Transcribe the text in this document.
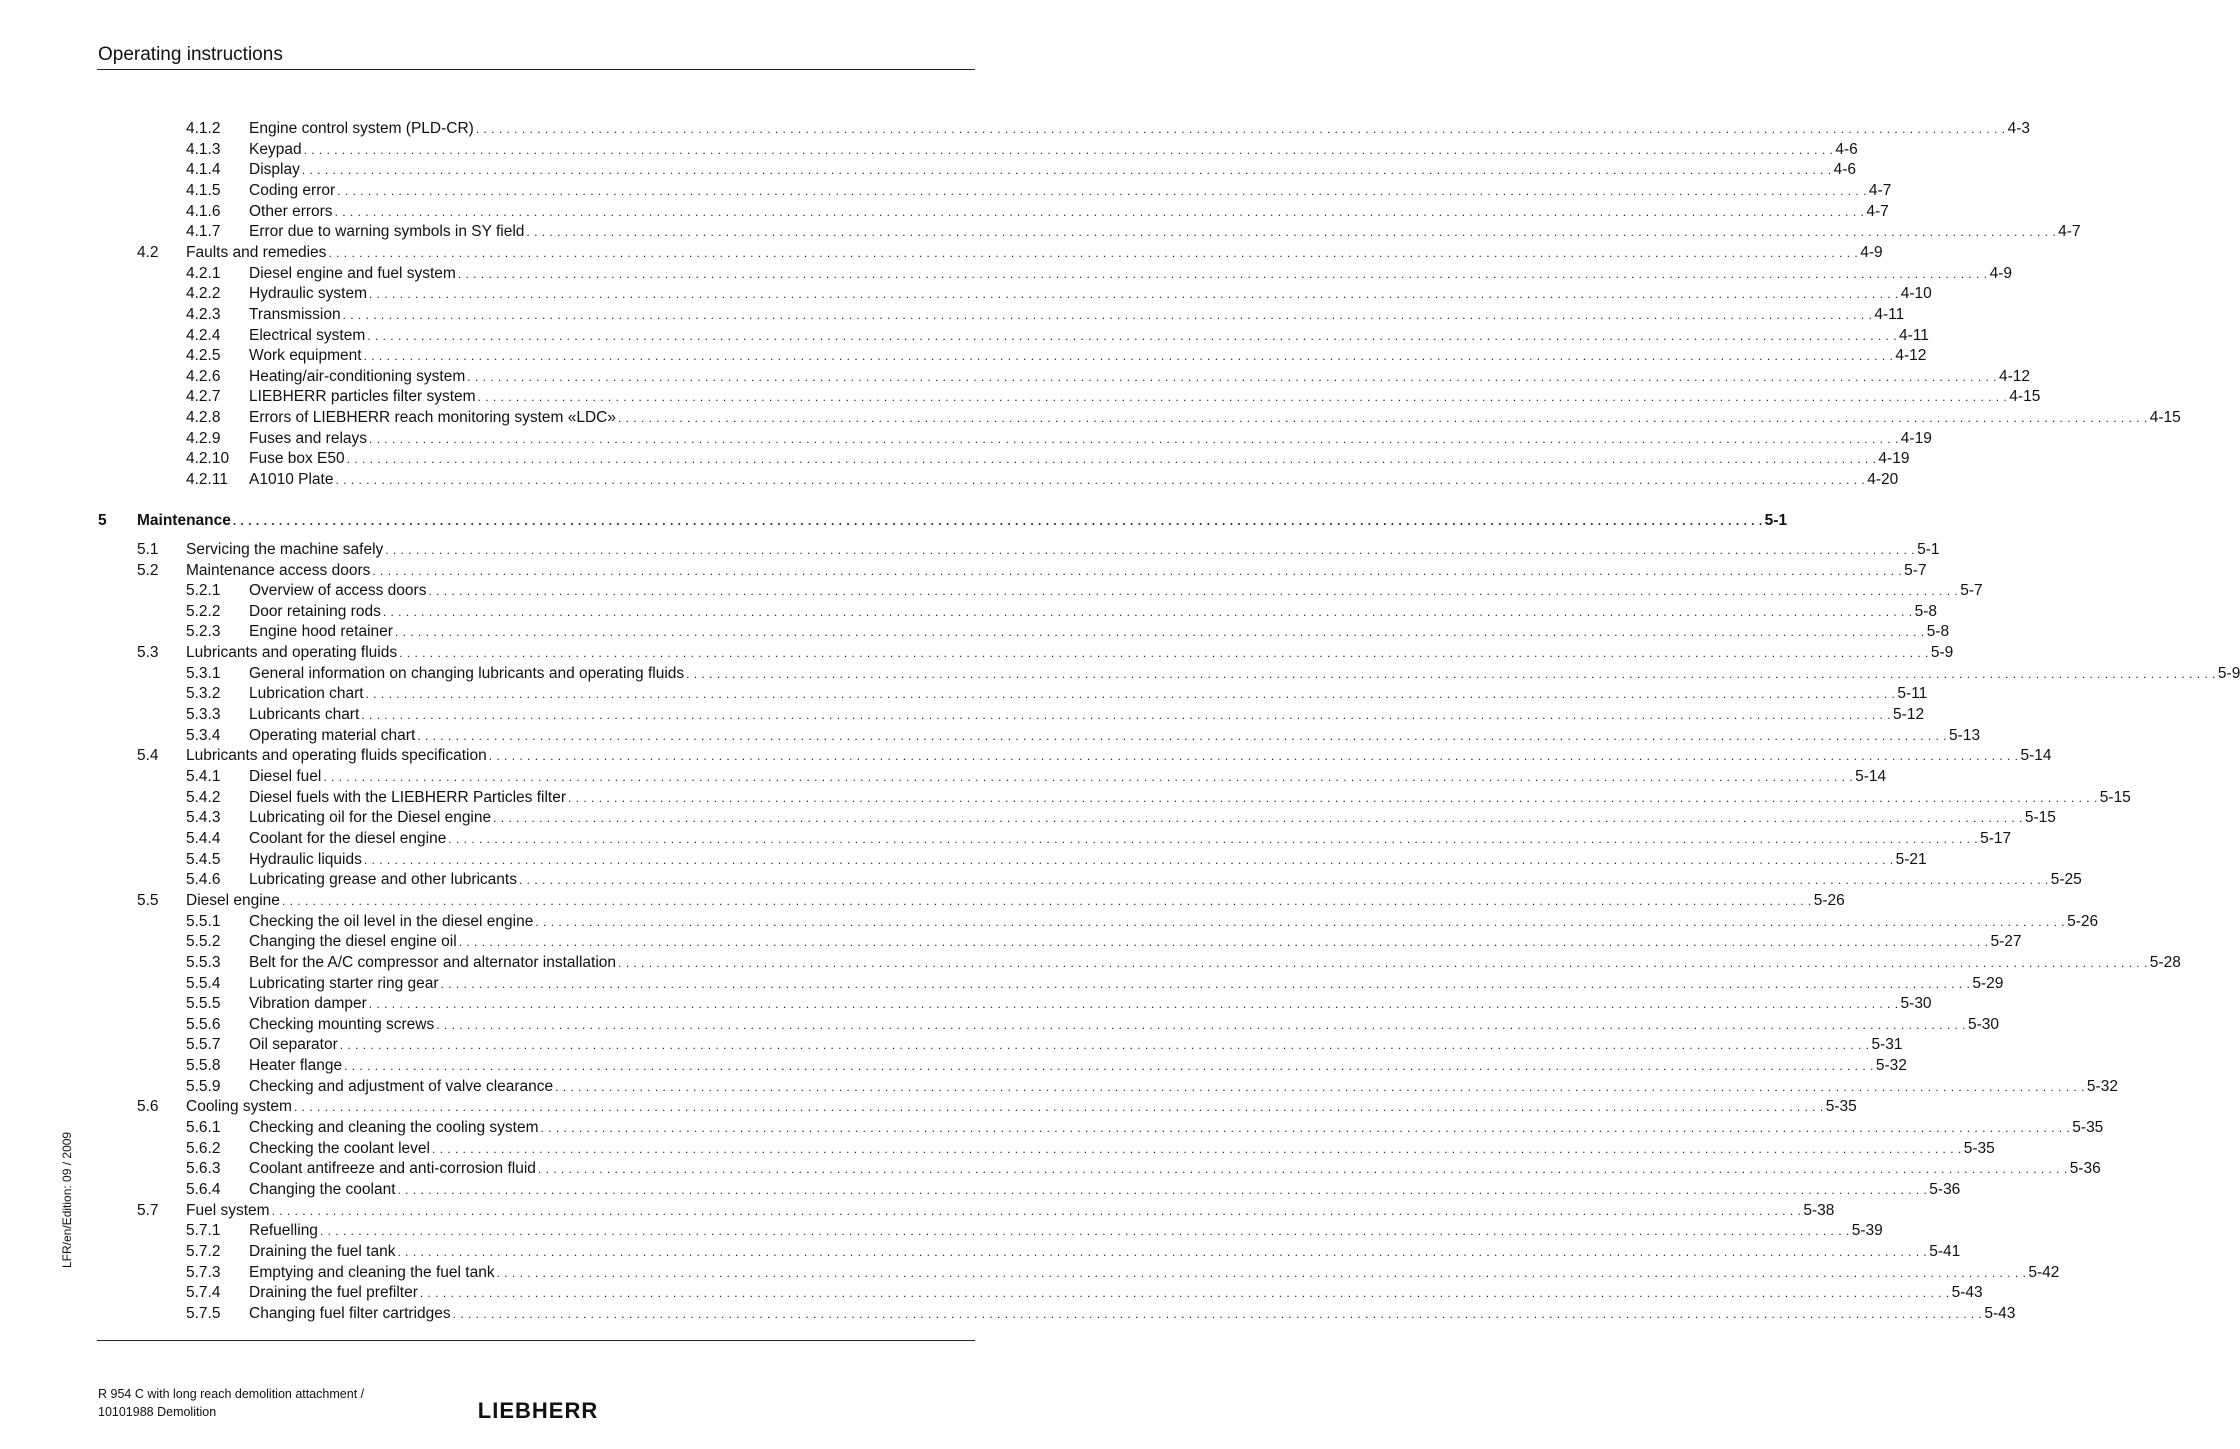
Operating instructions
4.1.2 Engine control system (PLD-CR) . . . . . . . . . . . . . . . . . . . . . . . . . . . . . . . . . . . . . . . . . . . . . . . . . . . . . . . . . . . . . . . . . . . . . . . . . . . . . . . . . . . . . . . . . . . . . . . . . . . . . . . . . . . . . . . . . . . . . . . . . . . . . . . . . . . . . . . . . . . . . . . . . . . . . . . . . . . . . . . . . . . . . . . . . . . . . . . . . . . . . . . . . . . . . . . . . . . . . . . . 4-3
4.1.3 Keypad . . . . . . . . . . . . . . . . . . . . . . . . . . . . . . . . . . . . . . . . . . . . . . . . . . . . . . . . . . . . . . . . . . . . . . . . . . . . . . . . . . . . . . . . . . . . . . . . . . . . . . . . . . . . . . . . . . . . . . . . . . . . . . . . . . . . . . . . . . . . . . . . . . . . . . . . . . . . . . . . . . . . . . . . . . . . . . . . . . . . . . . . . . . . . . . . . . . . . . . . 4-6
4.1.4 Display . . . . . . . . . . . . . . . . . . . . . . . . . . . . . . . . . . . . . . . . . . . . . . . . . . . . . . . . . . . . . . . . . . . . . . . . . . . . . . . . . . . . . . . . . . . . . . . . . . . . . . . . . . . . . . . . . . . . . . . . . . . . . . . . . . . . . . . . . . . . . . . . . . . . . . . . . . . . . . . . . . . . . . . . . . . . . . . . . . . . . . . . . . . . . . . . . . . . . . . . 4-6
4.1.5 Coding error . . . . . . . . . . . . . . . . . . . . . . . . . . . . . . . . . . . . . . . . . . . . . . . . . . . . . . . . . . . . . . . . . . . . . . . . . . . . . . . . . . . . . . . . . . . . . . . . . . . . . . . . . . . . . . . . . . . . . . . . . . . . . . . . . . . . . . . . . . . . . . . . . . . . . . . . . . . . . . . . . . . . . . . . . . . . . . . . . . . . . . . . . . . . . . . . . . . . . . . . 4-7
4.1.6 Other errors . . . . . . . . . . . . . . . . . . . . . . . . . . . . . . . . . . . . . . . . . . . . . . . . . . . . . . . . . . . . . . . . . . . . . . . . . . . . . . . . . . . . . . . . . . . . . . . . . . . . . . . . . . . . . . . . . . . . . . . . . . . . . . . . . . . . . . . . . . . . . . . . . . . . . . . . . . . . . . . . . . . . . . . . . . . . . . . . . . . . . . . . . . . . . . . . . . . . . . . . 4-7
4.1.7 Error due to warning symbols in SY field . . . . . . . . . . . . . . . . . . . . . . . . . . . . . . . . . . . . . . . . . . . . . . . . . . . . . . . . . . . . . . . . . . . . . . . . . . . . . . . . . . . . . . . . . . . . . . . . . . . . . . . . . . . . . . . . . . . . . . . . . . . . . . . . . . . . . . . . . . . . . . . . . . . . . . . . . . . . . . . . . . . . . . . . . . . . . . . . . . . . . . . . . . . . . . . . . . . . . . . . 4-7
4.2 Faults and remedies . . . . . . . . . . . . . . . . . . . . . . . . . . . . . . . . . . . . . . . . . . . . . . . . . . . . . . . . . . . . . . . . . . . . . . . . . . . . . . . . . . . . . . . . . . . . . . . . . . . . . . . . . . . . . . . . . . . . . . . . . . . . . . . . . . . . . . . . . . . . . . . . . . . . . . . . . . . . . . . . . . . . . . . . . . . . . . . . . . . . . . . . . . . . . . . . . . . . . . . . 4-9
4.2.1 Diesel engine and fuel system . . . . . . . . . . . . . . . . . . . . . . . . . . . . . . . . . . . . . . . . . . . . . . . . . . . . . . . . . . . . . . . . . . . . . . . . . . . . . . . . . . . . . . . . . . . . . . . . . . . . . . . . . . . . . . . . . . . . . . . . . . . . . . . . . . . . . . . . . . . . . . . . . . . . . . . . . . . . . . . . . . . . . . . . . . . . . . . . . . . . . . . . . . . . . . . . . . . . . . . . 4-9
4.2.2 Hydraulic system . . . . . . . . . . . . . . . . . . . . . . . . . . . . . . . . . . . . . . . . . . . . . . . . . . . . . . . . . . . . . . . . . . . . . . . . . . . . . . . . . . . . . . . . . . . . . . . . . . . . . . . . . . . . . . . . . . . . . . . . . . . . . . . . . . . . . . . . . . . . . . . . . . . . . . . . . . . . . . . . . . . . . . . . . . . . . . . . . . . . . . . . . . . . . . . . . . . . . . . . 4-10
4.2.3 Transmission . . . . . . . . . . . . . . . . . . . . . . . . . . . . . . . . . . . . . . . . . . . . . . . . . . . . . . . . . . . . . . . . . . . . . . . . . . . . . . . . . . . . . . . . . . . . . . . . . . . . . . . . . . . . . . . . . . . . . . . . . . . . . . . . . . . . . . . . . . . . . . . . . . . . . . . . . . . . . . . . . . . . . . . . . . . . . . . . . . . . . . . . . . . . . . . . . . . . . . . . 4-11
4.2.4 Electrical system . . . . . . . . . . . . . . . . . . . . . . . . . . . . . . . . . . . . . . . . . . . . . . . . . . . . . . . . . . . . . . . . . . . . . . . . . . . . . . . . . . . . . . . . . . . . . . . . . . . . . . . . . . . . . . . . . . . . . . . . . . . . . . . . . . . . . . . . . . . . . . . . . . . . . . . . . . . . . . . . . . . . . . . . . . . . . . . . . . . . . . . . . . . . . . . . . . . . . . . . 4-11
4.2.5 Work equipment . . . . . . . . . . . . . . . . . . . . . . . . . . . . . . . . . . . . . . . . . . . . . . . . . . . . . . . . . . . . . . . . . . . . . . . . . . . . . . . . . . . . . . . . . . . . . . . . . . . . . . . . . . . . . . . . . . . . . . . . . . . . . . . . . . . . . . . . . . . . . . . . . . . . . . . . . . . . . . . . . . . . . . . . . . . . . . . . . . . . . . . . . . . . . . . . . . . . . . . . 4-12
4.2.6 Heating/air-conditioning system . . . . . . . . . . . . . . . . . . . . . . . . . . . . . . . . . . . . . . . . . . . . . . . . . . . . . . . . . . . . . . . . . . . . . . . . . . . . . . . . . . . . . . . . . . . . . . . . . . . . . . . . . . . . . . . . . . . . . . . . . . . . . . . . . . . . . . . . . . . . . . . . . . . . . . . . . . . . . . . . . . . . . . . . . . . . . . . . . . . . . . . . . . . . . . . . . . . . . . . . 4-12
4.2.7 LIEBHERR particles filter system . . . . . . . . . . . . . . . . . . . . . . . . . . . . . . . . . . . . . . . . . . . . . . . . . . . . . . . . . . . . . . . . . . . . . . . . . . . . . . . . . . . . . . . . . . . . . . . . . . . . . . . . . . . . . . . . . . . . . . . . . . . . . . . . . . . . . . . . . . . . . . . . . . . . . . . . . . . . . . . . . . . . . . . . . . . . . . . . . . . . . . . . . . . . . . . . . . . . . . . . 4-15
4.2.8 Errors of LIEBHERR reach monitoring system «LDC» . . . . . . . . . . . . . . . . . . . . . . . . . . . . . . . . . . . . . . . . . . . . . . . . . . . . . . . . . . . . . . . . . . . . . . . . . . . . . . . . . . . . . . . . . . . . . . . . . . . . . . . . . . . . . . . . . . . . . . . . . . . . . . . . . . . . . . . . . . . . . . . . . . . . . . . . . . . . . . . . . . . . . . . . . . . . . . . . . . . . . . . . . . . . . . . . . . . . . . . . 4-15
4.2.9 Fuses and relays . . . . . . . . . . . . . . . . . . . . . . . . . . . . . . . . . . . . . . . . . . . . . . . . . . . . . . . . . . . . . . . . . . . . . . . . . . . . . . . . . . . . . . . . . . . . . . . . . . . . . . . . . . . . . . . . . . . . . . . . . . . . . . . . . . . . . . . . . . . . . . . . . . . . . . . . . . . . . . . . . . . . . . . . . . . . . . . . . . . . . . . . . . . . . . . . . . . . . . . . 4-19
4.2.10 Fuse box E50 . . . . . . . . . . . . . . . . . . . . . . . . . . . . . . . . . . . . . . . . . . . . . . . . . . . . . . . . . . . . . . . . . . . . . . . . . . . . . . . . . . . . . . . . . . . . . . . . . . . . . . . . . . . . . . . . . . . . . . . . . . . . . . . . . . . . . . . . . . . . . . . . . . . . . . . . . . . . . . . . . . . . . . . . . . . . . . . . . . . . . . . . . . . . . . . . . . . . . . . . 4-19
4.2.11 A1010 Plate . . . . . . . . . . . . . . . . . . . . . . . . . . . . . . . . . . . . . . . . . . . . . . . . . . . . . . . . . . . . . . . . . . . . . . . . . . . . . . . . . . . . . . . . . . . . . . . . . . . . . . . . . . . . . . . . . . . . . . . . . . . . . . . . . . . . . . . . . . . . . . . . . . . . . . . . . . . . . . . . . . . . . . . . . . . . . . . . . . . . . . . . . . . . . . . . . . . . . . . . 4-20
5 Maintenance . . . . . . . . . . . . . . . . . . . . . . . . . . . . . . . . . . . . . . . . . . . . . . . . . . . . . . . . . . . . . . . . . . . . . . . . . . . . . . . . . . . . . . . . . . . . . . . . . . . . . . . . . . . . . . . . . . . . . . . . . . . . . . . . . . . . . . . . . . . . . . . . . . . . . . . . . . . . . . . . . . . . . . . . . . . . . . . . . . . . . . . . . . . . . . . . . . . . . . . . 5-1
5.1 Servicing the machine safely . . . . . . . . . . . . . . . . . . . . . . . . . . . . . . . . . . . . . . . . . . . . . . . . . . . . . . . . . . . . . . . . . . . . . . . . . . . . . . . . . . . . . . . . . . . . . . . . . . . . . . . . . . . . . . . . . . . . . . . . . . . . . . . . . . . . . . . . . . . . . . . . . . . . . . . . . . . . . . . . . . . . . . . . . . . . . . . . . . . . . . . . . . . . . . . . . . . . . . . . 5-1
5.2 Maintenance access doors . . . . . . . . . . . . . . . . . . . . . . . . . . . . . . . . . . . . . . . . . . . . . . . . . . . . . . . . . . . . . . . . . . . . . . . . . . . . . . . . . . . . . . . . . . . . . . . . . . . . . . . . . . . . . . . . . . . . . . . . . . . . . . . . . . . . . . . . . . . . . . . . . . . . . . . . . . . . . . . . . . . . . . . . . . . . . . . . . . . . . . . . . . . . . . . . . . . . . . . . 5-7
5.2.1 Overview of access doors . . . . . . . . . . . . . . . . . . . . . . . . . . . . . . . . . . . . . . . . . . . . . . . . . . . . . . . . . . . . . . . . . . . . . . . . . . . . . . . . . . . . . . . . . . . . . . . . . . . . . . . . . . . . . . . . . . . . . . . . . . . . . . . . . . . . . . . . . . . . . . . . . . . . . . . . . . . . . . . . . . . . . . . . . . . . . . . . . . . . . . . . . . . . . . . . . . . . . . . . 5-7
5.2.2 Door retaining rods . . . . . . . . . . . . . . . . . . . . . . . . . . . . . . . . . . . . . . . . . . . . . . . . . . . . . . . . . . . . . . . . . . . . . . . . . . . . . . . . . . . . . . . . . . . . . . . . . . . . . . . . . . . . . . . . . . . . . . . . . . . . . . . . . . . . . . . . . . . . . . . . . . . . . . . . . . . . . . . . . . . . . . . . . . . . . . . . . . . . . . . . . . . . . . . . . . . . . . . . 5-8
5.2.3 Engine hood retainer . . . . . . . . . . . . . . . . . . . . . . . . . . . . . . . . . . . . . . . . . . . . . . . . . . . . . . . . . . . . . . . . . . . . . . . . . . . . . . . . . . . . . . . . . . . . . . . . . . . . . . . . . . . . . . . . . . . . . . . . . . . . . . . . . . . . . . . . . . . . . . . . . . . . . . . . . . . . . . . . . . . . . . . . . . . . . . . . . . . . . . . . . . . . . . . . . . . . . . . . 5-8
5.3 Lubricants and operating fluids . . . . . . . . . . . . . . . . . . . . . . . . . . . . . . . . . . . . . . . . . . . . . . . . . . . . . . . . . . . . . . . . . . . . . . . . . . . . . . . . . . . . . . . . . . . . . . . . . . . . . . . . . . . . . . . . . . . . . . . . . . . . . . . . . . . . . . . . . . . . . . . . . . . . . . . . . . . . . . . . . . . . . . . . . . . . . . . . . . . . . . . . . . . . . . . . . . . . . . . . 5-9
5.3.1 General information on changing lubricants and operating fluids . . . . . . . . . . . . . . . . . . . . . . . . . . . . . . . . . . . . . . . . . . . . . . . . . . . . . . . . . . . . . . . . . . . . . . . . . . . . . . . . . . . . . . . . . . . . . . . . . . . . . . . . . . . . . . . . . . . . . . . . . . . . . . . . . . . . . . . . . . . . . . . . . . . . . . . . . . . . . . . . . . . . . . . . . . . . . . . . . . . . . . . . . . . . . . . . . . . . . . . . 5-9
5.3.2 Lubrication chart . . . . . . . . . . . . . . . . . . . . . . . . . . . . . . . . . . . . . . . . . . . . . . . . . . . . . . . . . . . . . . . . . . . . . . . . . . . . . . . . . . . . . . . . . . . . . . . . . . . . . . . . . . . . . . . . . . . . . . . . . . . . . . . . . . . . . . . . . . . . . . . . . . . . . . . . . . . . . . . . . . . . . . . . . . . . . . . . . . . . . . . . . . . . . . . . . . . . . . . . 5-11
5.3.3 Lubricants chart . . . . . . . . . . . . . . . . . . . . . . . . . . . . . . . . . . . . . . . . . . . . . . . . . . . . . . . . . . . . . . . . . . . . . . . . . . . . . . . . . . . . . . . . . . . . . . . . . . . . . . . . . . . . . . . . . . . . . . . . . . . . . . . . . . . . . . . . . . . . . . . . . . . . . . . . . . . . . . . . . . . . . . . . . . . . . . . . . . . . . . . . . . . . . . . . . . . . . . . . 5-12
5.3.4 Operating material chart . . . . . . . . . . . . . . . . . . . . . . . . . . . . . . . . . . . . . . . . . . . . . . . . . . . . . . . . . . . . . . . . . . . . . . . . . . . . . . . . . . . . . . . . . . . . . . . . . . . . . . . . . . . . . . . . . . . . . . . . . . . . . . . . . . . . . . . . . . . . . . . . . . . . . . . . . . . . . . . . . . . . . . . . . . . . . . . . . . . . . . . . . . . . . . . . . . . . . . . . 5-13
5.4 Lubricants and operating fluids specification . . . . . . . . . . . . . . . . . . . . . . . . . . . . . . . . . . . . . . . . . . . . . . . . . . . . . . . . . . . . . . . . . . . . . . . . . . . . . . . . . . . . . . . . . . . . . . . . . . . . . . . . . . . . . . . . . . . . . . . . . . . . . . . . . . . . . . . . . . . . . . . . . . . . . . . . . . . . . . . . . . . . . . . . . . . . . . . . . . . . . . . . . . . . . . . . . . . . . . . . 5-14
5.4.1 Diesel fuel . . . . . . . . . . . . . . . . . . . . . . . . . . . . . . . . . . . . . . . . . . . . . . . . . . . . . . . . . . . . . . . . . . . . . . . . . . . . . . . . . . . . . . . . . . . . . . . . . . . . . . . . . . . . . . . . . . . . . . . . . . . . . . . . . . . . . . . . . . . . . . . . . . . . . . . . . . . . . . . . . . . . . . . . . . . . . . . . . . . . . . . . . . . . . . . . . . . . . . . . 5-14
5.4.2 Diesel fuels with the LIEBHERR Particles filter . . . . . . . . . . . . . . . . . . . . . . . . . . . . . . . . . . . . . . . . . . . . . . . . . . . . . . . . . . . . . . . . . . . . . . . . . . . . . . . . . . . . . . . . . . . . . . . . . . . . . . . . . . . . . . . . . . . . . . . . . . . . . . . . . . . . . . . . . . . . . . . . . . . . . . . . . . . . . . . . . . . . . . . . . . . . . . . . . . . . . . . . . . . . . . . . . . . . . . . . 5-15
5.4.3 Lubricating oil for the Diesel engine . . . . . . . . . . . . . . . . . . . . . . . . . . . . . . . . . . . . . . . . . . . . . . . . . . . . . . . . . . . . . . . . . . . . . . . . . . . . . . . . . . . . . . . . . . . . . . . . . . . . . . . . . . . . . . . . . . . . . . . . . . . . . . . . . . . . . . . . . . . . . . . . . . . . . . . . . . . . . . . . . . . . . . . . . . . . . . . . . . . . . . . . . . . . . . . . . . . . . . . . 5-15
5.4.4 Coolant for the diesel engine . . . . . . . . . . . . . . . . . . . . . . . . . . . . . . . . . . . . . . . . . . . . . . . . . . . . . . . . . . . . . . . . . . . . . . . . . . . . . . . . . . . . . . . . . . . . . . . . . . . . . . . . . . . . . . . . . . . . . . . . . . . . . . . . . . . . . . . . . . . . . . . . . . . . . . . . . . . . . . . . . . . . . . . . . . . . . . . . . . . . . . . . . . . . . . . . . . . . . . . . 5-17
5.4.5 Hydraulic liquids . . . . . . . . . . . . . . . . . . . . . . . . . . . . . . . . . . . . . . . . . . . . . . . . . . . . . . . . . . . . . . . . . . . . . . . . . . . . . . . . . . . . . . . . . . . . . . . . . . . . . . . . . . . . . . . . . . . . . . . . . . . . . . . . . . . . . . . . . . . . . . . . . . . . . . . . . . . . . . . . . . . . . . . . . . . . . . . . . . . . . . . . . . . . . . . . . . . . . . . . 5-21
5.4.6 Lubricating grease and other lubricants . . . . . . . . . . . . . . . . . . . . . . . . . . . . . . . . . . . . . . . . . . . . . . . . . . . . . . . . . . . . . . . . . . . . . . . . . . . . . . . . . . . . . . . . . . . . . . . . . . . . . . . . . . . . . . . . . . . . . . . . . . . . . . . . . . . . . . . . . . . . . . . . . . . . . . . . . . . . . . . . . . . . . . . . . . . . . . . . . . . . . . . . . . . . . . . . . . . . . . . . 5-25
5.5 Diesel engine . . . . . . . . . . . . . . . . . . . . . . . . . . . . . . . . . . . . . . . . . . . . . . . . . . . . . . . . . . . . . . . . . . . . . . . . . . . . . . . . . . . . . . . . . . . . . . . . . . . . . . . . . . . . . . . . . . . . . . . . . . . . . . . . . . . . . . . . . . . . . . . . . . . . . . . . . . . . . . . . . . . . . . . . . . . . . . . . . . . . . . . . . . . . . . . . . . . . . . . . 5-26
5.5.1 Checking the oil level in the diesel engine . . . . . . . . . . . . . . . . . . . . . . . . . . . . . . . . . . . . . . . . . . . . . . . . . . . . . . . . . . . . . . . . . . . . . . . . . . . . . . . . . . . . . . . . . . . . . . . . . . . . . . . . . . . . . . . . . . . . . . . . . . . . . . . . . . . . . . . . . . . . . . . . . . . . . . . . . . . . . . . . . . . . . . . . . . . . . . . . . . . . . . . . . . . . . . . . . . . . . . . . 5-26
5.5.2 Changing the diesel engine oil . . . . . . . . . . . . . . . . . . . . . . . . . . . . . . . . . . . . . . . . . . . . . . . . . . . . . . . . . . . . . . . . . . . . . . . . . . . . . . . . . . . . . . . . . . . . . . . . . . . . . . . . . . . . . . . . . . . . . . . . . . . . . . . . . . . . . . . . . . . . . . . . . . . . . . . . . . . . . . . . . . . . . . . . . . . . . . . . . . . . . . . . . . . . . . . . . . . . . . . . 5-27
5.5.3 Belt for the A/C compressor and alternator installation . . . . . . . . . . . . . . . . . . . . . . . . . . . . . . . . . . . . . . . . . . . . . . . . . . . . . . . . . . . . . . . . . . . . . . . . . . . . . . . . . . . . . . . . . . . . . . . . . . . . . . . . . . . . . . . . . . . . . . . . . . . . . . . . . . . . . . . . . . . . . . . . . . . . . . . . . . . . . . . . . . . . . . . . . . . . . . . . . . . . . . . . . . . . . . . . . . . . . . . . 5-28
5.5.4 Lubricating starter ring gear . . . . . . . . . . . . . . . . . . . . . . . . . . . . . . . . . . . . . . . . . . . . . . . . . . . . . . . . . . . . . . . . . . . . . . . . . . . . . . . . . . . . . . . . . . . . . . . . . . . . . . . . . . . . . . . . . . . . . . . . . . . . . . . . . . . . . . . . . . . . . . . . . . . . . . . . . . . . . . . . . . . . . . . . . . . . . . . . . . . . . . . . . . . . . . . . . . . . . . . . 5-29
5.5.5 Vibration damper . . . . . . . . . . . . . . . . . . . . . . . . . . . . . . . . . . . . . . . . . . . . . . . . . . . . . . . . . . . . . . . . . . . . . . . . . . . . . . . . . . . . . . . . . . . . . . . . . . . . . . . . . . . . . . . . . . . . . . . . . . . . . . . . . . . . . . . . . . . . . . . . . . . . . . . . . . . . . . . . . . . . . . . . . . . . . . . . . . . . . . . . . . . . . . . . . . . . . . . . 5-30
5.5.6 Checking mounting screws . . . . . . . . . . . . . . . . . . . . . . . . . . . . . . . . . . . . . . . . . . . . . . . . . . . . . . . . . . . . . . . . . . . . . . . . . . . . . . . . . . . . . . . . . . . . . . . . . . . . . . . . . . . . . . . . . . . . . . . . . . . . . . . . . . . . . . . . . . . . . . . . . . . . . . . . . . . . . . . . . . . . . . . . . . . . . . . . . . . . . . . . . . . . . . . . . . . . . . . . 5-30
5.5.7 Oil separator . . . . . . . . . . . . . . . . . . . . . . . . . . . . . . . . . . . . . . . . . . . . . . . . . . . . . . . . . . . . . . . . . . . . . . . . . . . . . . . . . . . . . . . . . . . . . . . . . . . . . . . . . . . . . . . . . . . . . . . . . . . . . . . . . . . . . . . . . . . . . . . . . . . . . . . . . . . . . . . . . . . . . . . . . . . . . . . . . . . . . . . . . . . . . . . . . . . . . . . . 5-31
5.5.8 Heater flange . . . . . . . . . . . . . . . . . . . . . . . . . . . . . . . . . . . . . . . . . . . . . . . . . . . . . . . . . . . . . . . . . . . . . . . . . . . . . . . . . . . . . . . . . . . . . . . . . . . . . . . . . . . . . . . . . . . . . . . . . . . . . . . . . . . . . . . . . . . . . . . . . . . . . . . . . . . . . . . . . . . . . . . . . . . . . . . . . . . . . . . . . . . . . . . . . . . . . . . . 5-32
5.5.9 Checking and adjustment of valve clearance . . . . . . . . . . . . . . . . . . . . . . . . . . . . . . . . . . . . . . . . . . . . . . . . . . . . . . . . . . . . . . . . . . . . . . . . . . . . . . . . . . . . . . . . . . . . . . . . . . . . . . . . . . . . . . . . . . . . . . . . . . . . . . . . . . . . . . . . . . . . . . . . . . . . . . . . . . . . . . . . . . . . . . . . . . . . . . . . . . . . . . . . . . . . . . . . . . . . . . . . 5-32
5.6 Cooling system . . . . . . . . . . . . . . . . . . . . . . . . . . . . . . . . . . . . . . . . . . . . . . . . . . . . . . . . . . . . . . . . . . . . . . . . . . . . . . . . . . . . . . . . . . . . . . . . . . . . . . . . . . . . . . . . . . . . . . . . . . . . . . . . . . . . . . . . . . . . . . . . . . . . . . . . . . . . . . . . . . . . . . . . . . . . . . . . . . . . . . . . . . . . . . . . . . . . . . . . 5-35
5.6.1 Checking and cleaning the cooling system . . . . . . . . . . . . . . . . . . . . . . . . . . . . . . . . . . . . . . . . . . . . . . . . . . . . . . . . . . . . . . . . . . . . . . . . . . . . . . . . . . . . . . . . . . . . . . . . . . . . . . . . . . . . . . . . . . . . . . . . . . . . . . . . . . . . . . . . . . . . . . . . . . . . . . . . . . . . . . . . . . . . . . . . . . . . . . . . . . . . . . . . . . . . . . . . . . . . . . . . 5-35
5.6.2 Checking the coolant level . . . . . . . . . . . . . . . . . . . . . . . . . . . . . . . . . . . . . . . . . . . . . . . . . . . . . . . . . . . . . . . . . . . . . . . . . . . . . . . . . . . . . . . . . . . . . . . . . . . . . . . . . . . . . . . . . . . . . . . . . . . . . . . . . . . . . . . . . . . . . . . . . . . . . . . . . . . . . . . . . . . . . . . . . . . . . . . . . . . . . . . . . . . . . . . . . . . . . . . . 5-35
5.6.3 Coolant antifreeze and anti-corrosion fluid . . . . . . . . . . . . . . . . . . . . . . . . . . . . . . . . . . . . . . . . . . . . . . . . . . . . . . . . . . . . . . . . . . . . . . . . . . . . . . . . . . . . . . . . . . . . . . . . . . . . . . . . . . . . . . . . . . . . . . . . . . . . . . . . . . . . . . . . . . . . . . . . . . . . . . . . . . . . . . . . . . . . . . . . . . . . . . . . . . . . . . . . . . . . . . . . . . . . . . . . 5-36
5.6.4 Changing the coolant . . . . . . . . . . . . . . . . . . . . . . . . . . . . . . . . . . . . . . . . . . . . . . . . . . . . . . . . . . . . . . . . . . . . . . . . . . . . . . . . . . . . . . . . . . . . . . . . . . . . . . . . . . . . . . . . . . . . . . . . . . . . . . . . . . . . . . . . . . . . . . . . . . . . . . . . . . . . . . . . . . . . . . . . . . . . . . . . . . . . . . . . . . . . . . . . . . . . . . . . 5-36
5.7 Fuel system . . . . . . . . . . . . . . . . . . . . . . . . . . . . . . . . . . . . . . . . . . . . . . . . . . . . . . . . . . . . . . . . . . . . . . . . . . . . . . . . . . . . . . . . . . . . . . . . . . . . . . . . . . . . . . . . . . . . . . . . . . . . . . . . . . . . . . . . . . . . . . . . . . . . . . . . . . . . . . . . . . . . . . . . . . . . . . . . . . . . . . . . . . . . . . . . . . . . . . . . 5-38
5.7.1 Refuelling . . . . . . . . . . . . . . . . . . . . . . . . . . . . . . . . . . . . . . . . . . . . . . . . . . . . . . . . . . . . . . . . . . . . . . . . . . . . . . . . . . . . . . . . . . . . . . . . . . . . . . . . . . . . . . . . . . . . . . . . . . . . . . . . . . . . . . . . . . . . . . . . . . . . . . . . . . . . . . . . . . . . . . . . . . . . . . . . . . . . . . . . . . . . . . . . . . . . . . . . 5-39
5.7.2 Draining the fuel tank . . . . . . . . . . . . . . . . . . . . . . . . . . . . . . . . . . . . . . . . . . . . . . . . . . . . . . . . . . . . . . . . . . . . . . . . . . . . . . . . . . . . . . . . . . . . . . . . . . . . . . . . . . . . . . . . . . . . . . . . . . . . . . . . . . . . . . . . . . . . . . . . . . . . . . . . . . . . . . . . . . . . . . . . . . . . . . . . . . . . . . . . . . . . . . . . . . . . . . . . 5-41
5.7.3 Emptying and cleaning the fuel tank . . . . . . . . . . . . . . . . . . . . . . . . . . . . . . . . . . . . . . . . . . . . . . . . . . . . . . . . . . . . . . . . . . . . . . . . . . . . . . . . . . . . . . . . . . . . . . . . . . . . . . . . . . . . . . . . . . . . . . . . . . . . . . . . . . . . . . . . . . . . . . . . . . . . . . . . . . . . . . . . . . . . . . . . . . . . . . . . . . . . . . . . . . . . . . . . . . . . . . . . 5-42
5.7.4 Draining the fuel prefilter . . . . . . . . . . . . . . . . . . . . . . . . . . . . . . . . . . . . . . . . . . . . . . . . . . . . . . . . . . . . . . . . . . . . . . . . . . . . . . . . . . . . . . . . . . . . . . . . . . . . . . . . . . . . . . . . . . . . . . . . . . . . . . . . . . . . . . . . . . . . . . . . . . . . . . . . . . . . . . . . . . . . . . . . . . . . . . . . . . . . . . . . . . . . . . . . . . . . . . . . 5-43
5.7.5 Changing fuel filter cartridges . . . . . . . . . . . . . . . . . . . . . . . . . . . . . . . . . . . . . . . . . . . . . . . . . . . . . . . . . . . . . . . . . . . . . . . . . . . . . . . . . . . . . . . . . . . . . . . . . . . . . . . . . . . . . . . . . . . . . . . . . . . . . . . . . . . . . . . . . . . . . . . . . . . . . . . . . . . . . . . . . . . . . . . . . . . . . . . . . . . . . . . . . . . . . . . . . . . . . . . . 5-43
LFR/en/Edition: 09 / 2009
R 954 C with long reach demolition attachment /
10101988 Demolition	LIEBHERR
